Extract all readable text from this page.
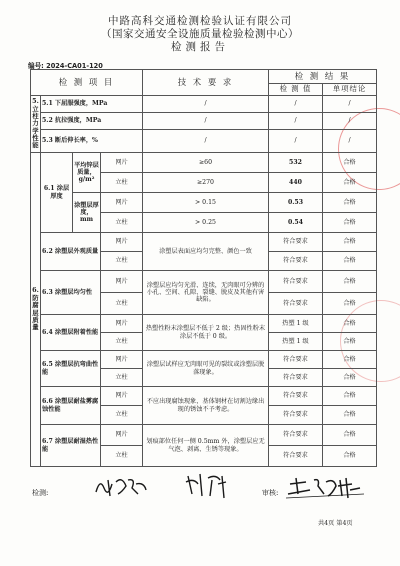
中路高科交通检测检验认证有限公司
（国家交通安全设施质量检验检测中心）
检测报告
编号: 2024-CA01-120
检 测 项 目				技 术 要 求	检 测 结 果	
					检 测 值	单项结论
5.立柱力学性能	5.1 下屈服强度，MPa			/	/	/
	5.2 抗拉强度，MPa			/	/	/
	5.3 断后伸长率，%			/	/	/
6.防腐层质量	6.1 涂层厚度	平均锌层质量，g/m²	网片	≥60	532	合格
			立柱	≥270	440	合格
		涂塑层厚度，mm	网片	> 0.15	0.53	合格
			立柱	> 0.25	0.54	合格
	6.2 涂塑层外观质量		网片	涂塑层表面应均匀完整、颜色一致	符合要求	合格
			立柱		符合要求	合格
	6.3 涂塑层均匀性		网片	涂塑层应均匀光滑、连续，无肉眼可分辨的小孔、空间、孔隙、裂缝、脱皮及其他有害缺陷。	符合要求	合格
			立柱		符合要求	合格
	6.4 涂塑层附着性能		网片	热塑性粉末涂塑层不低于 2 级；热固性粉末涂层不低于 0 级。	热塑 1 级	合格
			立柱		热塑 1 级	合格
	6.5 涂塑层抗弯曲性能		网片	涂塑层试样应无肉眼可见的裂纹或涂塑层脱落现象。	符合要求	合格
			立柱		符合要求	合格
	6.6 涂塑层耐盐雾腐蚀性能		网片	不应出现腐蚀现象，基体钢材在切割边缘出现的锈蚀不予考虑。	符合要求	合格
			立柱		符合要求	合格
	6.7 涂塑层耐湿热性能		网片	划痕部位任何一侧 0.5mm 外，涂塑层应无气泡、剥离、生锈等现象。	符合要求	合格
			立柱		符合要求	合格
检测:	审核:
共4页 第4页
